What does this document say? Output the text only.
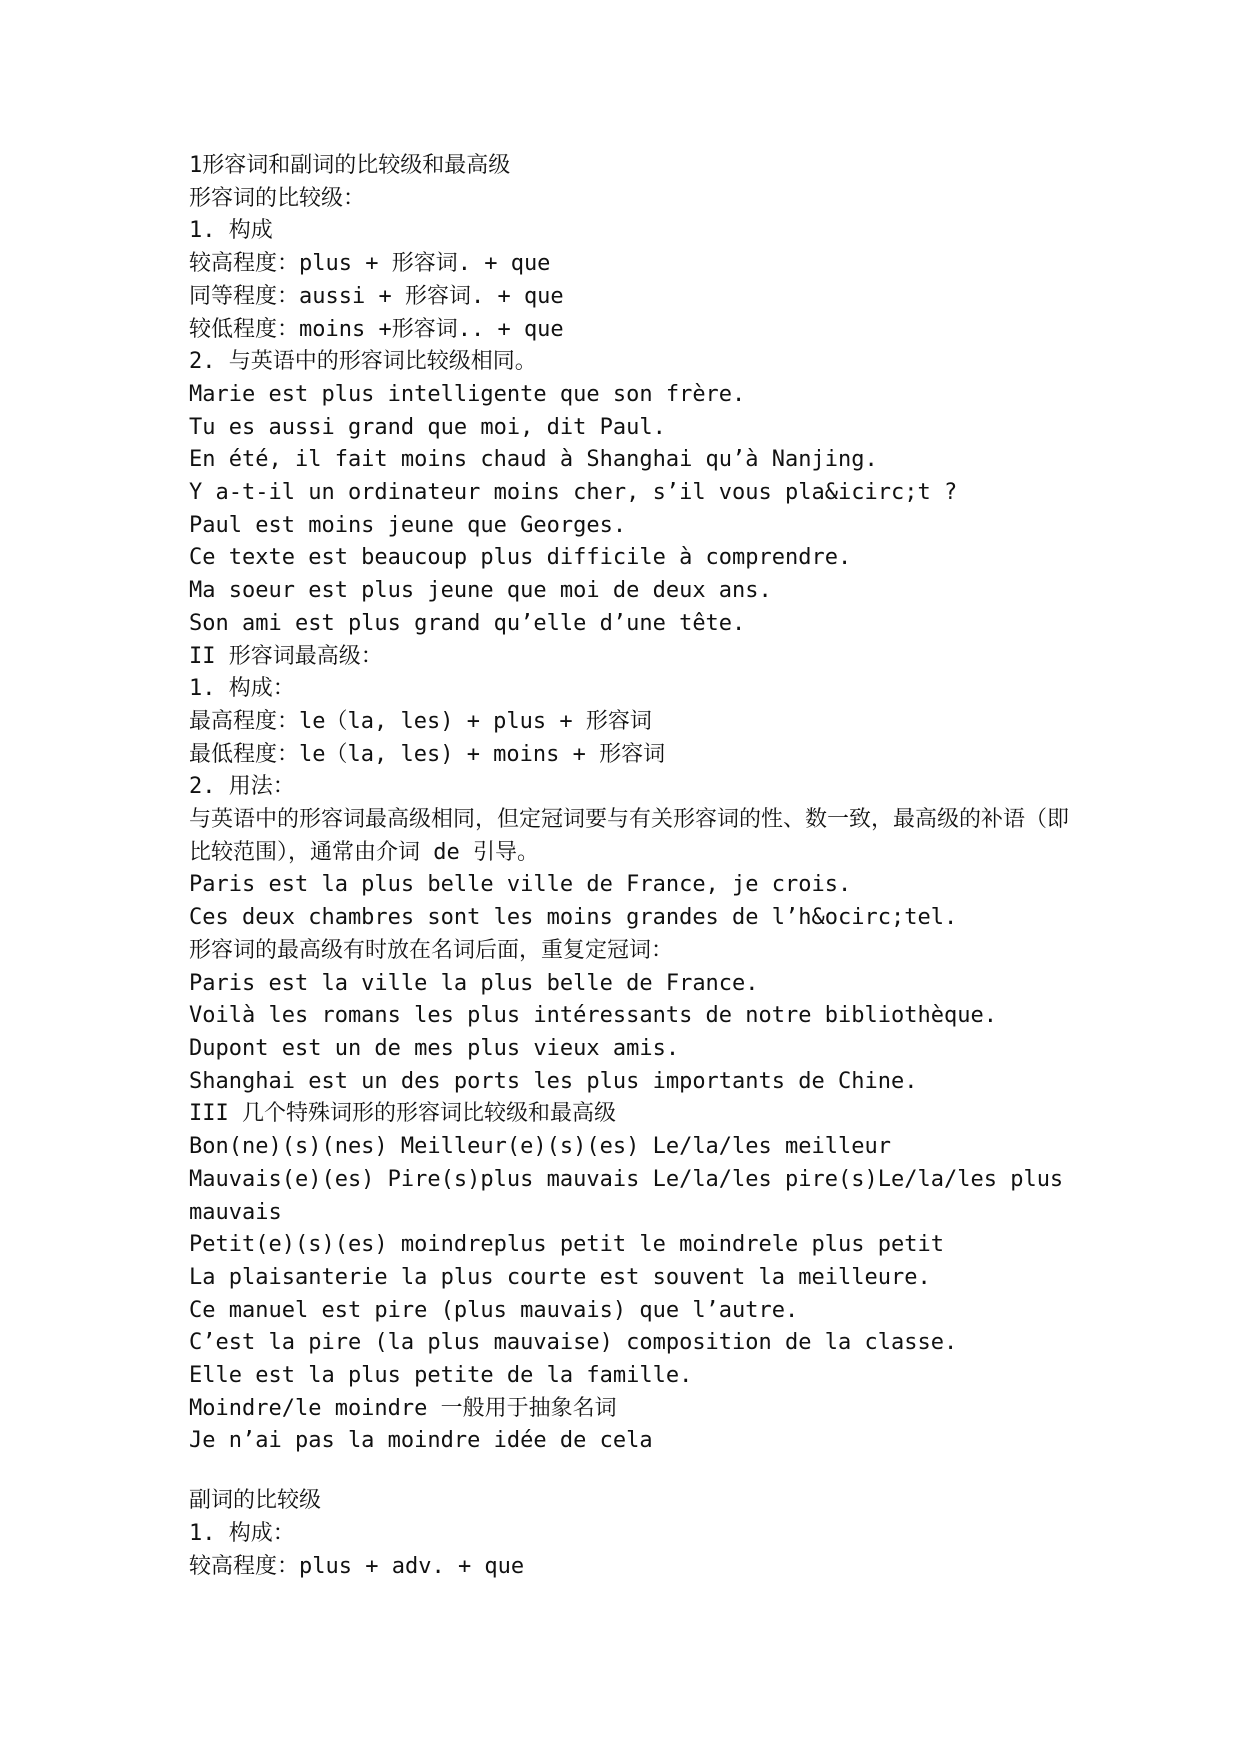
1形容词和副词的比较级和最高级
形容词的比较级：
1. 构成
较高程度：plus + 形容词. + que
同等程度：aussi + 形容词. + que
较低程度：moins +形容词.. + que
2. 与英语中的形容词比较级相同。
Marie est plus intelligente que son frère.
Tu es aussi grand que moi, dit Paul.
En été, il fait moins chaud à Shanghai qu’à Nanjing.
Y a-t-il un ordinateur moins cher, s’il vous pla&icirc;t ?
Paul est moins jeune que Georges.
Ce texte est beaucoup plus difficile à comprendre.
Ma soeur est plus jeune que moi de deux ans.
Son ami est plus grand qu’elle d’une tête.
II 形容词最高级：
1. 构成：
最高程度：le（la, les) + plus + 形容词
最低程度：le（la, les) + moins + 形容词
2. 用法：
与英语中的形容词最高级相同，但定冠词要与有关形容词的性、数一致，最高级的补语（即比较范围），通常由介词 de 引导。
Paris est la plus belle ville de France, je crois.
Ces deux chambres sont les moins grandes de l’h&ocirc;tel.
形容词的最高级有时放在名词后面，重复定冠词：
Paris est la ville la plus belle de France.
Voilà les romans les plus intéressants de notre bibliothèque.
Dupont est un de mes plus vieux amis.
Shanghai est un des ports les plus importants de Chine.
III 几个特殊词形的形容词比较级和最高级
Bon(ne)(s)(nes) Meilleur(e)(s)(es) Le/la/les meilleur
Mauvais(e)(es) Pire(s)plus mauvais Le/la/les pire(s)Le/la/les plus mauvais
Petit(e)(s)(es) moindreplus petit le moindrele plus petit
La plaisanterie la plus courte est souvent la meilleure.
Ce manuel est pire (plus mauvais) que l’autre.
C’est la pire (la plus mauvaise) composition de la classe.
Elle est la plus petite de la famille.
Moindre/le moindre 一般用于抽象名词
Je n’ai pas la moindre idée de cela
副词的比较级
1. 构成：
较高程度：plus + adv. + que
